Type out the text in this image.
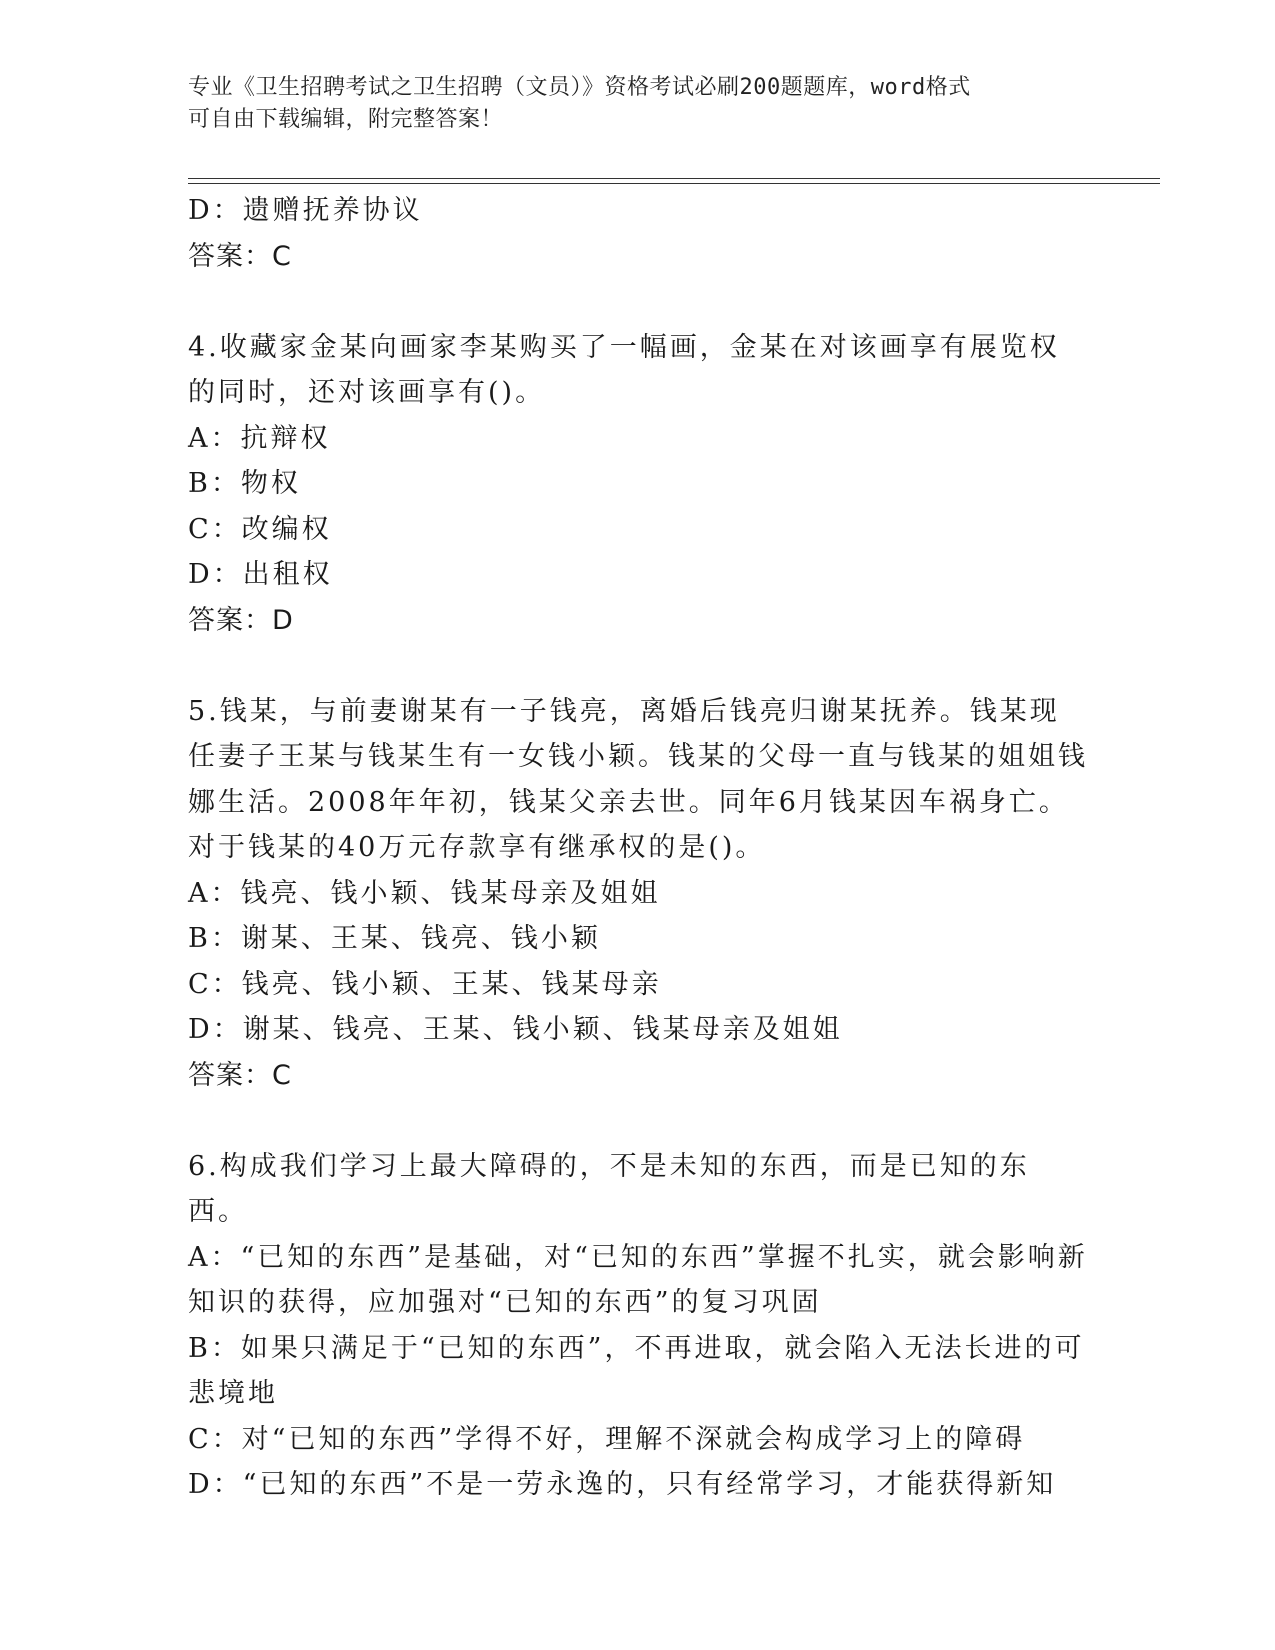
专业《卫生招聘考试之卫生招聘（文员）》资格考试必刷200题题库，word格式
可自由下载编辑，附完整答案！
D：遗赠抚养协议
答案：C
4.收藏家金某向画家李某购买了一幅画，金某在对该画享有展览权的同时，还对该画享有()。
A：抗辩权
B：物权
C：改编权
D：出租权
答案：D
5.钱某，与前妻谢某有一子钱亮，离婚后钱亮归谢某抚养。钱某现任妻子王某与钱某生有一女钱小颖。钱某的父母一直与钱某的姐姐钱娜生活。2008年年初，钱某父亲去世。同年6月钱某因车祸身亡。对于钱某的40万元存款享有继承权的是()。
A：钱亮、钱小颖、钱某母亲及姐姐
B：谢某、王某、钱亮、钱小颖
C：钱亮、钱小颖、王某、钱某母亲
D：谢某、钱亮、王某、钱小颖、钱某母亲及姐姐
答案：C
6.构成我们学习上最大障碍的，不是未知的东西，而是已知的东西。
A：“已知的东西”是基础，对“已知的东西”掌握不扎实，就会影响新知识的获得，应加强对“已知的东西”的复习巩固
B：如果只满足于“已知的东西”，不再进取，就会陷入无法长进的可悲境地
C：对“已知的东西”学得不好，理解不深就会构成学习上的障碍
D：“已知的东西”不是一劳永逸的，只有经常学习，才能获得新知
